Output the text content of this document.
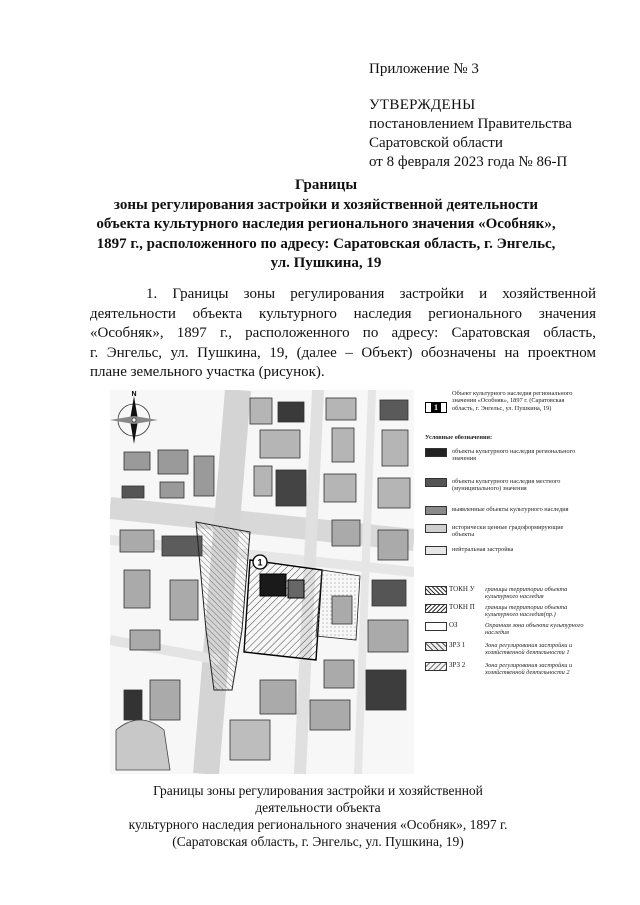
Приложение № 3
УТВЕРЖДЕНЫ
постановлением Правительства
Саратовской области
от 8 февраля 2023 года № 86-П
Границы
зоны регулирования застройки и хозяйственной деятельности
объекта культурного наследия регионального значения «Особняк»,
1897 г., расположенного по адресу: Саратовская область, г. Энгельс,
ул. Пушкина, 19
1. Границы зоны регулирования застройки и хозяйственной
деятельности объекта культурного наследия регионального значения
«Особняк», 1897 г., расположенного по адресу: Саратовская область,
г. Энгельс, ул. Пушкина, 19, (далее – Объект) обозначены на проектном
плане земельного участка (рисунок).
1
N
1
Объект культурного наследия регионального значения «Особняк», 1897 г. (Саратовская область, г. Энгельс, ул. Пушкина, 19)
Условные обозначения:
объекты культурного наследия регионального значения
объекты культурного наследия местного (муниципального) значения
выявленные объекты культурного наследия
исторически ценные градоформирующие объекты
нейтральная застройка
ТОКН У	границы территории объекта культурного наследия
ТОКН П	границы территории объекта культурного наследия(пр.)
ОЗ	Охранная зона объекта культурного наследия
ЗРЗ 1	Зона регулирования застройки и хозяйственной деятельности 1
ЗРЗ 2	Зона регулирования застройки и хозяйственной деятельности 2
Границы зоны регулирования застройки и хозяйственной деятельности объекта
культурного наследия регионального значения «Особняк», 1897 г.
(Саратовская область, г. Энгельс, ул. Пушкина, 19)
